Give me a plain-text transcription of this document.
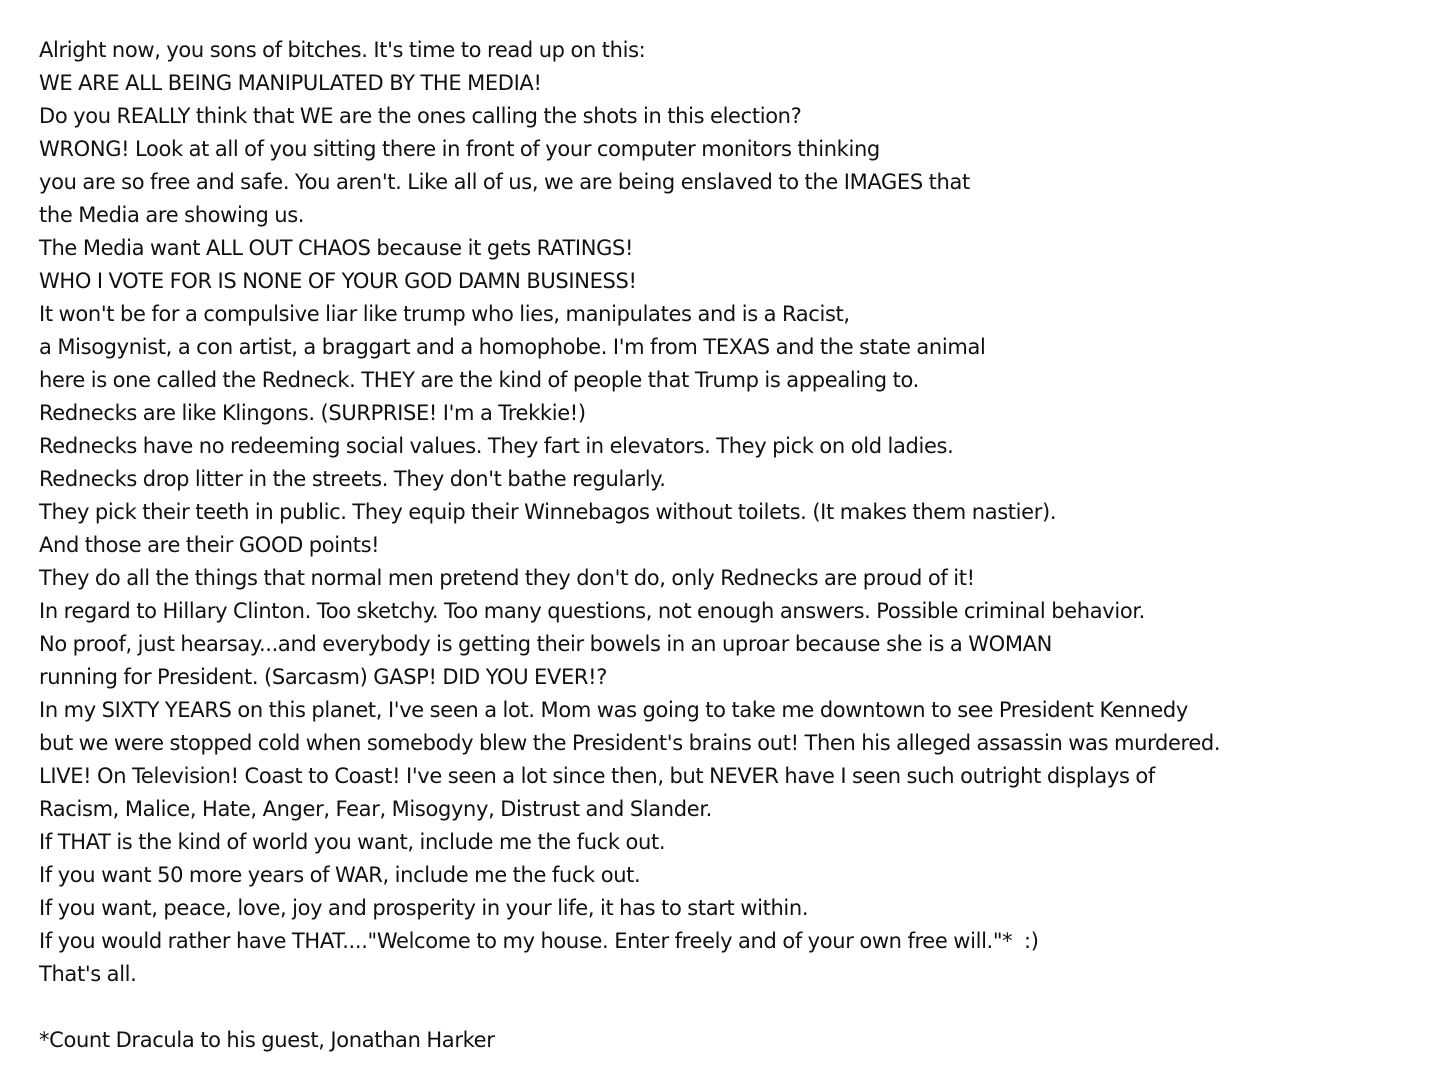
Alright now, you sons of bitches. It's time to read up on this:
WE ARE ALL BEING MANIPULATED BY THE MEDIA!
Do you REALLY think that WE are the ones calling the shots in this election?
WRONG! Look at all of you sitting there in front of your computer monitors thinking
you are so free and safe. You aren't. Like all of us, we are being enslaved to the IMAGES that
the Media are showing us.
The Media want ALL OUT CHAOS because it gets RATINGS!
WHO I VOTE FOR IS NONE OF YOUR GOD DAMN BUSINESS!
It won't be for a compulsive liar like trump who lies, manipulates and is a Racist,
a Misogynist, a con artist, a braggart and a homophobe. I'm from TEXAS and the state animal
here is one called the Redneck. THEY are the kind of people that Trump is appealing to.
Rednecks are like Klingons. (SURPRISE! I'm a Trekkie!)
Rednecks have no redeeming social values. They fart in elevators. They pick on old ladies.
Rednecks drop litter in the streets. They don't bathe regularly.
They pick their teeth in public. They equip their Winnebagos without toilets. (It makes them nastier).
And those are their GOOD points!
They do all the things that normal men pretend they don't do, only Rednecks are proud of it!
In regard to Hillary Clinton. Too sketchy. Too many questions, not enough answers. Possible criminal behavior.
No proof, just hearsay...and everybody is getting their bowels in an uproar because she is a WOMAN
running for President. (Sarcasm) GASP! DID YOU EVER!?
In my SIXTY YEARS on this planet, I've seen a lot. Mom was going to take me downtown to see President Kennedy
but we were stopped cold when somebody blew the President's brains out! Then his alleged assassin was murdered.
LIVE! On Television! Coast to Coast! I've seen a lot since then, but NEVER have I seen such outright displays of
Racism, Malice, Hate, Anger, Fear, Misogyny, Distrust and Slander.
If THAT is the kind of world you want, include me the fuck out.
If you want 50 more years of WAR, include me the fuck out.
If you want, peace, love, joy and prosperity in your life, it has to start within.
If you would rather have THAT...."Welcome to my house. Enter freely and of your own free will."*  :)
That's all.
*Count Dracula to his guest, Jonathan Harker
